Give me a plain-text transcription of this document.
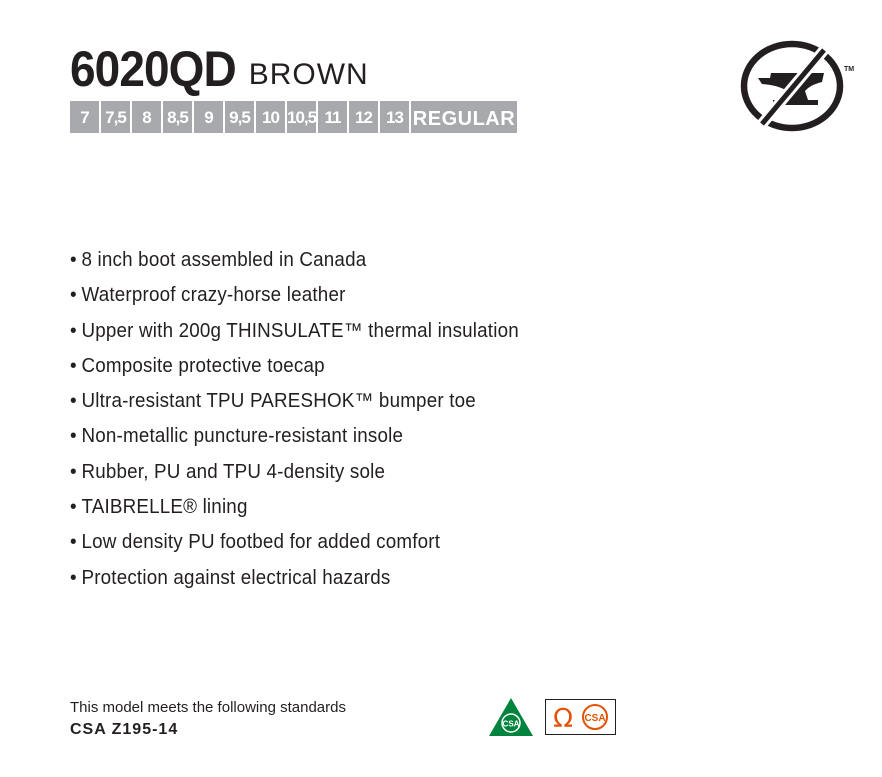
6020QD BROWN
7 7,5 8 8,5 9 9,5 10 10,5 11 12 13 REGULAR
TM
• 8 inch boot assembled in Canada
• Waterproof crazy-horse leather
• Upper with 200g THINSULATE™ thermal insulation
• Composite protective toecap
• Ultra-resistant TPU PARESHOK™ bumper toe
• Non-metallic puncture-resistant insole
• Rubber, PU and TPU 4-density sole
• TAIBRELLE® lining
• Low density PU footbed for added comfort
• Protection against electrical hazards
This model meets the following standards
CSA Z195-14	CSA Ω CSA
